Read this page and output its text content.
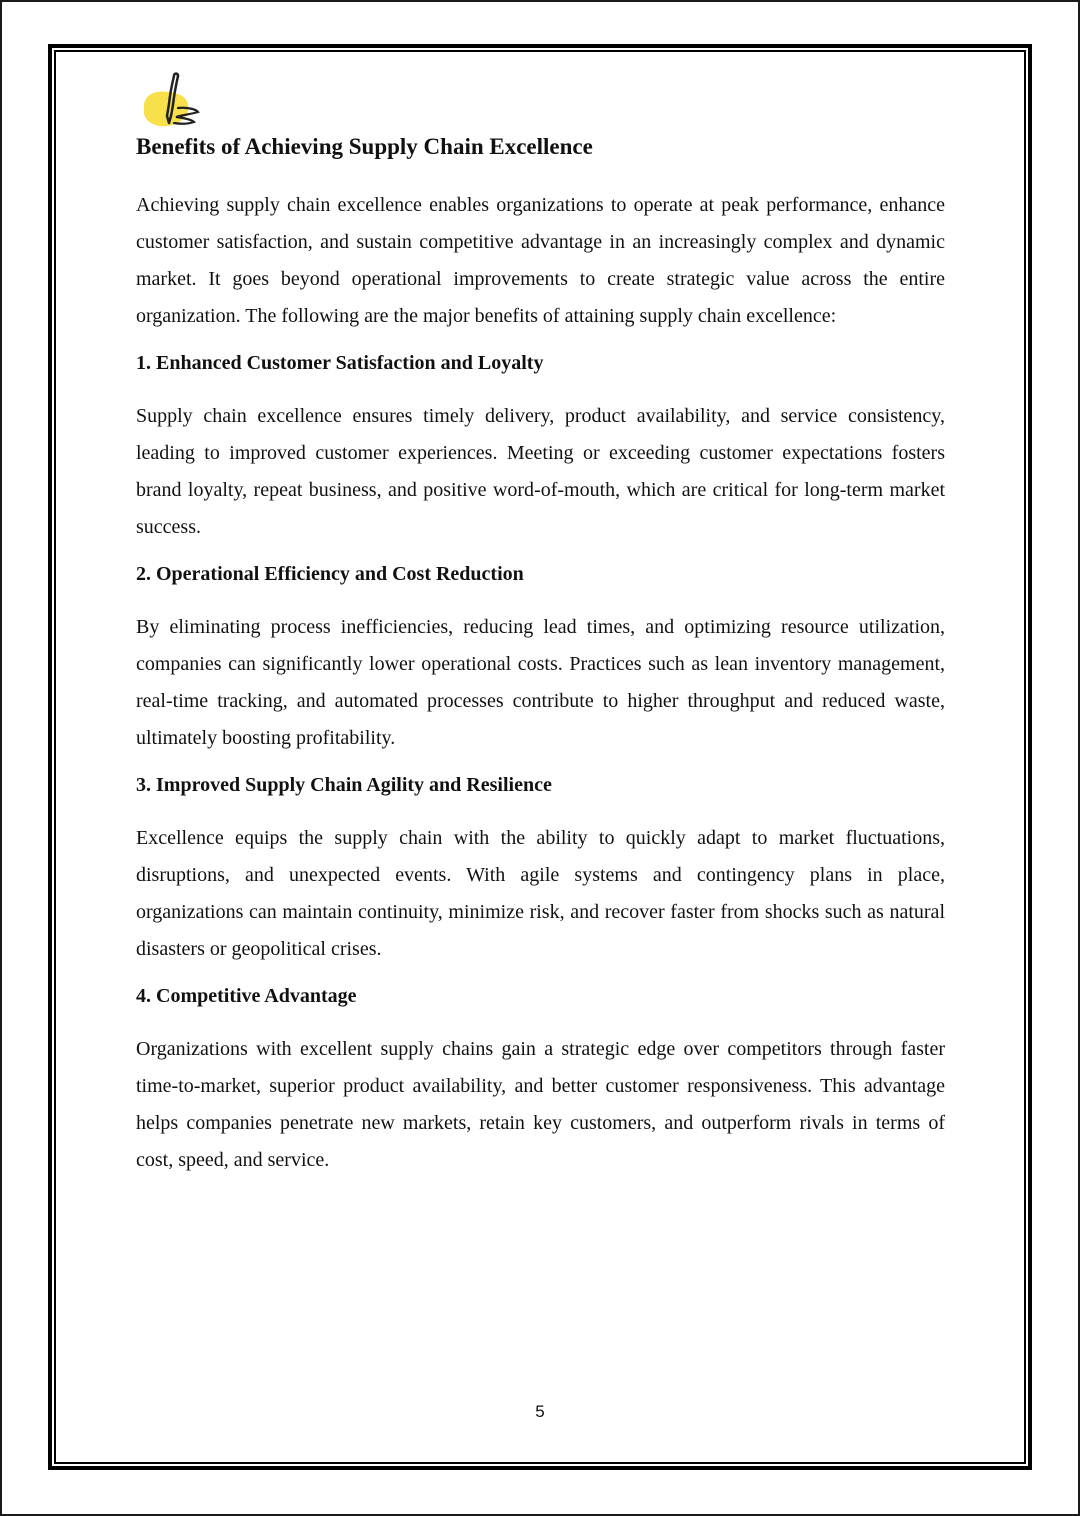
Benefits of Achieving Supply Chain Excellence

Achieving supply chain excellence enables organizations to operate at peak performance, enhance customer satisfaction, and sustain competitive advantage in an increasingly complex and dynamic market. It goes beyond operational improvements to create strategic value across the entire organization. The following are the major benefits of attaining supply chain excellence:

1. Enhanced Customer Satisfaction and Loyalty

Supply chain excellence ensures timely delivery, product availability, and service consistency, leading to improved customer experiences. Meeting or exceeding customer expectations fosters brand loyalty, repeat business, and positive word-of-mouth, which are critical for long-term market success.

2. Operational Efficiency and Cost Reduction

By eliminating process inefficiencies, reducing lead times, and optimizing resource utilization, companies can significantly lower operational costs. Practices such as lean inventory management, real-time tracking, and automated processes contribute to higher throughput and reduced waste, ultimately boosting profitability.

3. Improved Supply Chain Agility and Resilience

Excellence equips the supply chain with the ability to quickly adapt to market fluctuations, disruptions, and unexpected events. With agile systems and contingency plans in place, organizations can maintain continuity, minimize risk, and recover faster from shocks such as natural disasters or geopolitical crises.

4. Competitive Advantage

Organizations with excellent supply chains gain a strategic edge over competitors through faster time-to-market, superior product availability, and better customer responsiveness. This advantage helps companies penetrate new markets, retain key customers, and outperform rivals in terms of cost, speed, and service.

5
